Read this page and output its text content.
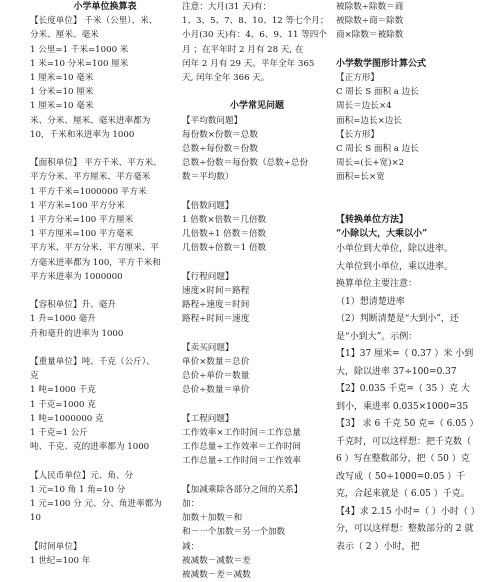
小学单位换算表
【长度单位】 千米（公里）、米、
分米、厘米、毫米
1 公里=1 千米=1000 米
1 米=10 分米=100 厘米
1 厘米=10 毫米
1 分米=10 厘米
1 厘米=10 毫米
米、分米、厘米、毫米进率都为
10，千米和米进率为 1000
【面积单位】 平方千米、平方米、
平方分米、平方厘米、平方毫米
1 平方千米=1000000 平方米
1 平方米=100 平方分米
1 平方分米=100 平方厘米
1 平方厘米=100 平方毫米
平方米、平方分米、平方厘米、平
方毫米进率都为 100，平方千米和
平方米进率为 1000000
【容积单位】升、毫升
1 升=1000 毫升
升和毫升的进率为 1000
【重量单位】吨、千克（公斤）、
克
1 吨=1000 千克
1 千克=1000 克
1 吨=1000000 克
1 千克=1 公斤
吨、千克、克的进率都为 1000
【人民币单位】元、角、分
1 元=10 角 1 角=10 分
1 元=100 分 元、分、角进率都为
10
【时间单位】
1 世纪=100 年
注意：大月(31 天)有：
1、3、5、7、8、10、12 等七个月；
小月(30 天)有：4、6、9、11 等四个
月 ；在平年时 2 月有 28 天, 在
闰年 2 月有 29 天。平年全年 365
天, 闰年全年 366 天。
小学常见问题
【平均数问题】
每份数×份数＝总数
总数÷每份数＝份数
总数÷份数＝每份数（总数÷总份
数＝平均数）
【倍数问题】
1 倍数×倍数＝几倍数
几倍数÷1 倍数＝倍数
几倍数÷倍数＝1 倍数
【行程问题】
速度×时间＝路程
路程÷速度＝时间
路程÷时间＝速度
【卖买问题】
单价×数量＝总价
总价÷单价＝数量
总价÷数量＝单价
【工程问题】
工作效率×工作时间＝工作总量
工作总量÷工作效率＝工作时间
工作总量÷工作时间＝工作效率
【加减乘除各部分之间的关系】
加：
加数＋加数＝和
和－一个加数＝另一个加数
减：
被减数－减数＝差
被减数－差＝减数
被除数÷除数＝商
被除数÷商＝除数
商×除数＝被除数
小学数学图形计算公式
【正方形】
C 周长 S 面积 a 边长
周长＝边长×4
面积=边长×边长
【长方形】
C 周长 S 面积 a 边长
周长=(长+宽)×2
面积=长×宽
【转换单位方法】
“小除以大，大乘以小”
小单位到大单位，除以进率。
大单位到小单位，乘以进率。
换算单位主要注意：
（1）想清楚进率
（2）判断清楚是“大到小”，还是“小到大”。示例：
【1】37 厘米=（ 0.37 ）米 小到大，除以进率 37÷100=0.37
【2】0.035 千克=（ 35 ）克 大到小，乘进率 0.035×1000=35
【3】 求 6 千克 50 克=（ 6.05 ）千克时，可以这样想：把千克数（ 6 ）写在整数部分，把（ 50 ）克改写成（ 50÷1000=0.05 ）千克，合起来就是（ 6.05 ）千克。
【4】求 2.15 小时=（ ）小时（ ）分，可以这样想：整数部分的 2 就表示（ 2 ）小时，把
